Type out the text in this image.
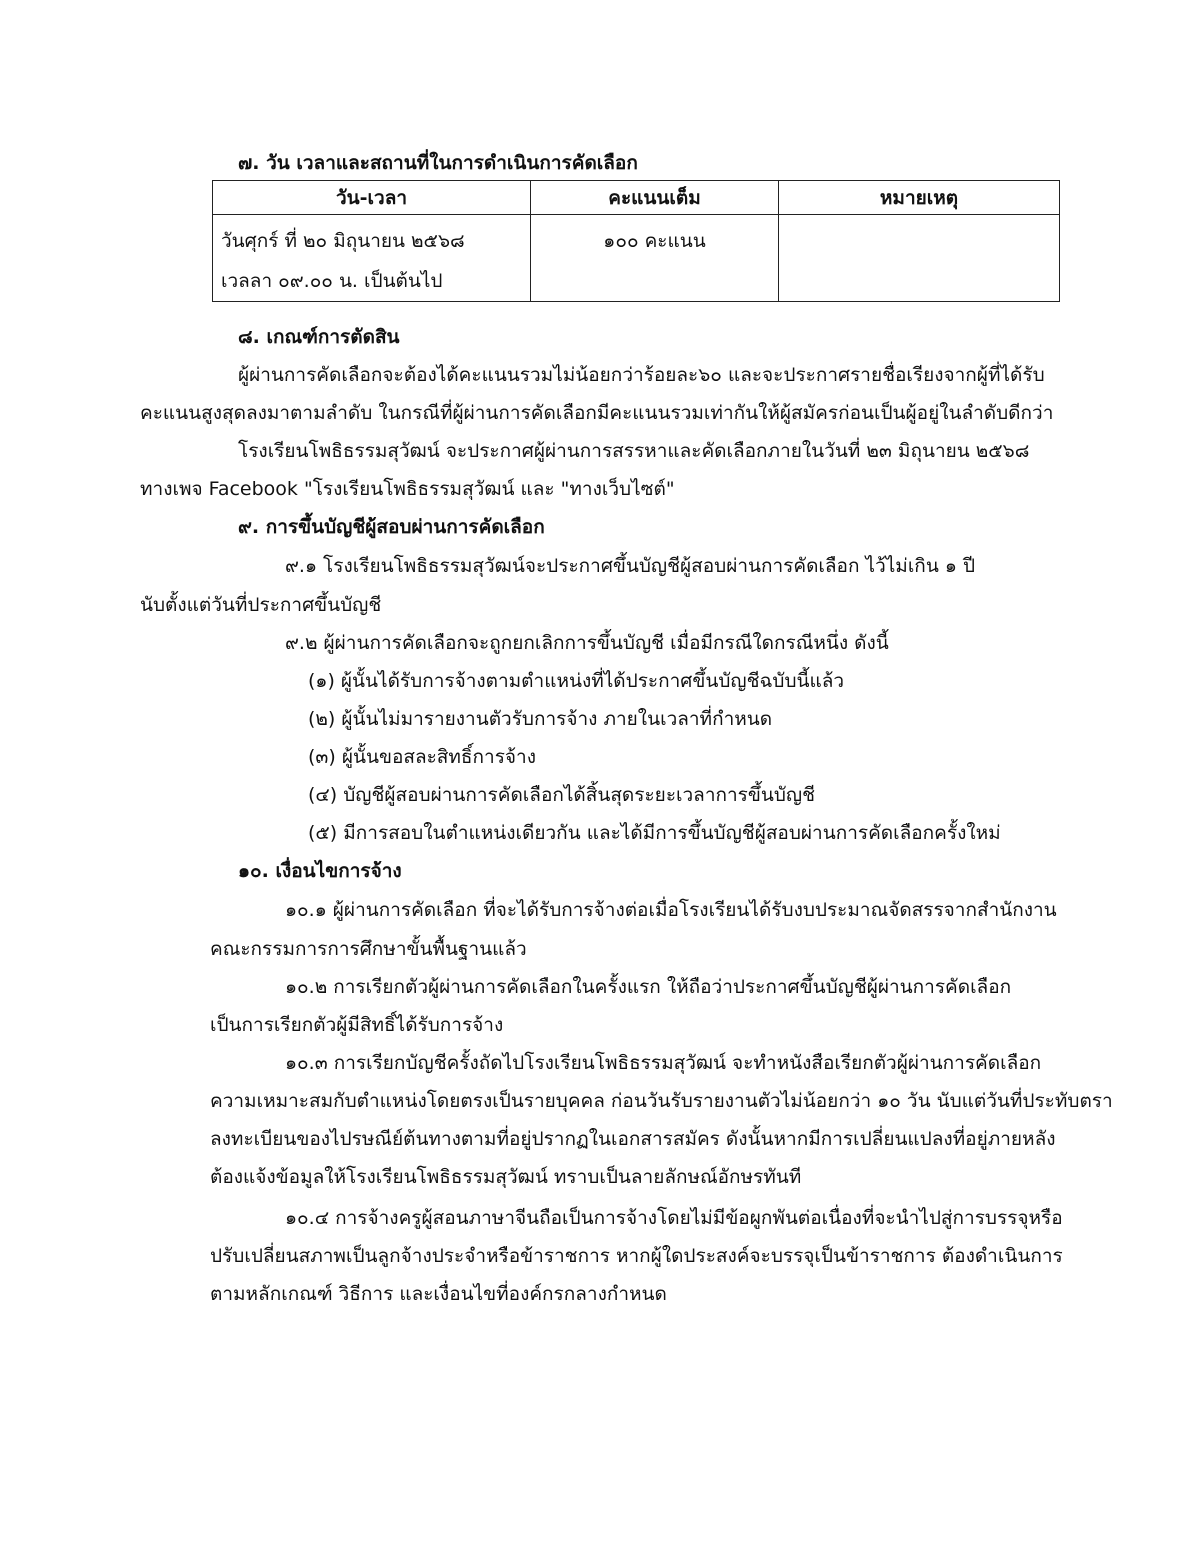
๗. วัน เวลาและสถานที่ในการดำเนินการคัดเลือก
วัน-เวลา	คะแนนเต็ม	หมายเหตุ

วันศุกร์ ที่ ๒๐ มิถุนายน ๒๕๖๘
เวลลา ๐๙.๐๐ น. เป็นต้นไป	๑๐๐ คะแนน	
๘. เกณฑ์การตัดสิน
ผู้ผ่านการคัดเลือกจะต้องได้คะแนนรวมไม่น้อยกว่าร้อยละ๖๐ และจะประกาศรายชื่อเรียงจากผู้ที่ได้รับ
คะแนนสูงสุดลงมาตามลำดับ ในกรณีที่ผู้ผ่านการคัดเลือกมีคะแนนรวมเท่ากันให้ผู้สมัครก่อนเป็นผู้อยู่ในลำดับดีกว่า
โรงเรียนโพธิธรรมสุวัฒน์ จะประกาศผู้ผ่านการสรรหาและคัดเลือกภายในวันที่ ๒๓ มิถุนายน ๒๕๖๘
ทางเพจ Facebook "โรงเรียนโพธิธรรมสุวัฒน์ และ "ทางเว็บไซต์"
๙. การขึ้นบัญชีผู้สอบผ่านการคัดเลือก
๙.๑ โรงเรียนโพธิธรรมสุวัฒน์จะประกาศขึ้นบัญชีผู้สอบผ่านการคัดเลือก ไว้ไม่เกิน ๑ ปี
นับตั้งแต่วันที่ประกาศขึ้นบัญชี
๙.๒ ผู้ผ่านการคัดเลือกจะถูกยกเลิกการขึ้นบัญชี เมื่อมีกรณีใดกรณีหนึ่ง ดังนี้
(๑) ผู้นั้นได้รับการจ้างตามตำแหน่งที่ได้ประกาศขึ้นบัญชีฉบับนี้แล้ว
(๒) ผู้นั้นไม่มารายงานตัวรับการจ้าง ภายในเวลาที่กำหนด
(๓) ผู้นั้นขอสละสิทธิ์การจ้าง
(๔) บัญชีผู้สอบผ่านการคัดเลือกได้สิ้นสุดระยะเวลาการขึ้นบัญชี
(๕) มีการสอบในตำแหน่งเดียวกัน และได้มีการขึ้นบัญชีผู้สอบผ่านการคัดเลือกครั้งใหม่
๑๐. เงื่อนไขการจ้าง
๑๐.๑ ผู้ผ่านการคัดเลือก ที่จะได้รับการจ้างต่อเมื่อโรงเรียนได้รับงบประมาณจัดสรรจากสำนักงาน
คณะกรรมการการศึกษาขั้นพื้นฐานแล้ว
๑๐.๒ การเรียกตัวผู้ผ่านการคัดเลือกในครั้งแรก ให้ถือว่าประกาศขึ้นบัญชีผู้ผ่านการคัดเลือก
เป็นการเรียกตัวผู้มีสิทธิ์ได้รับการจ้าง
๑๐.๓ การเรียกบัญชีครั้งถัดไปโรงเรียนโพธิธรรมสุวัฒน์ จะทำหนังสือเรียกตัวผู้ผ่านการคัดเลือก
ความเหมาะสมกับตำแหน่งโดยตรงเป็นรายบุคคล ก่อนวันรับรายงานตัวไม่น้อยกว่า ๑๐ วัน นับแต่วันที่ประทับตรา
ลงทะเบียนของไปรษณีย์ต้นทางตามที่อยู่ปรากฏในเอกสารสมัคร ดังนั้นหากมีการเปลี่ยนแปลงที่อยู่ภายหลัง
ต้องแจ้งข้อมูลให้โรงเรียนโพธิธรรมสุวัฒน์ ทราบเป็นลายลักษณ์อักษรทันที
๑๐.๔ การจ้างครูผู้สอนภาษาจีนถือเป็นการจ้างโดยไม่มีข้อผูกพันต่อเนื่องที่จะนำไปสู่การบรรจุหรือ
ปรับเปลี่ยนสภาพเป็นลูกจ้างประจำหรือข้าราชการ หากผู้ใดประสงค์จะบรรจุเป็นข้าราชการ ต้องดำเนินการ
ตามหลักเกณฑ์ วิธีการ และเงื่อนไขที่องค์กรกลางกำหนด
